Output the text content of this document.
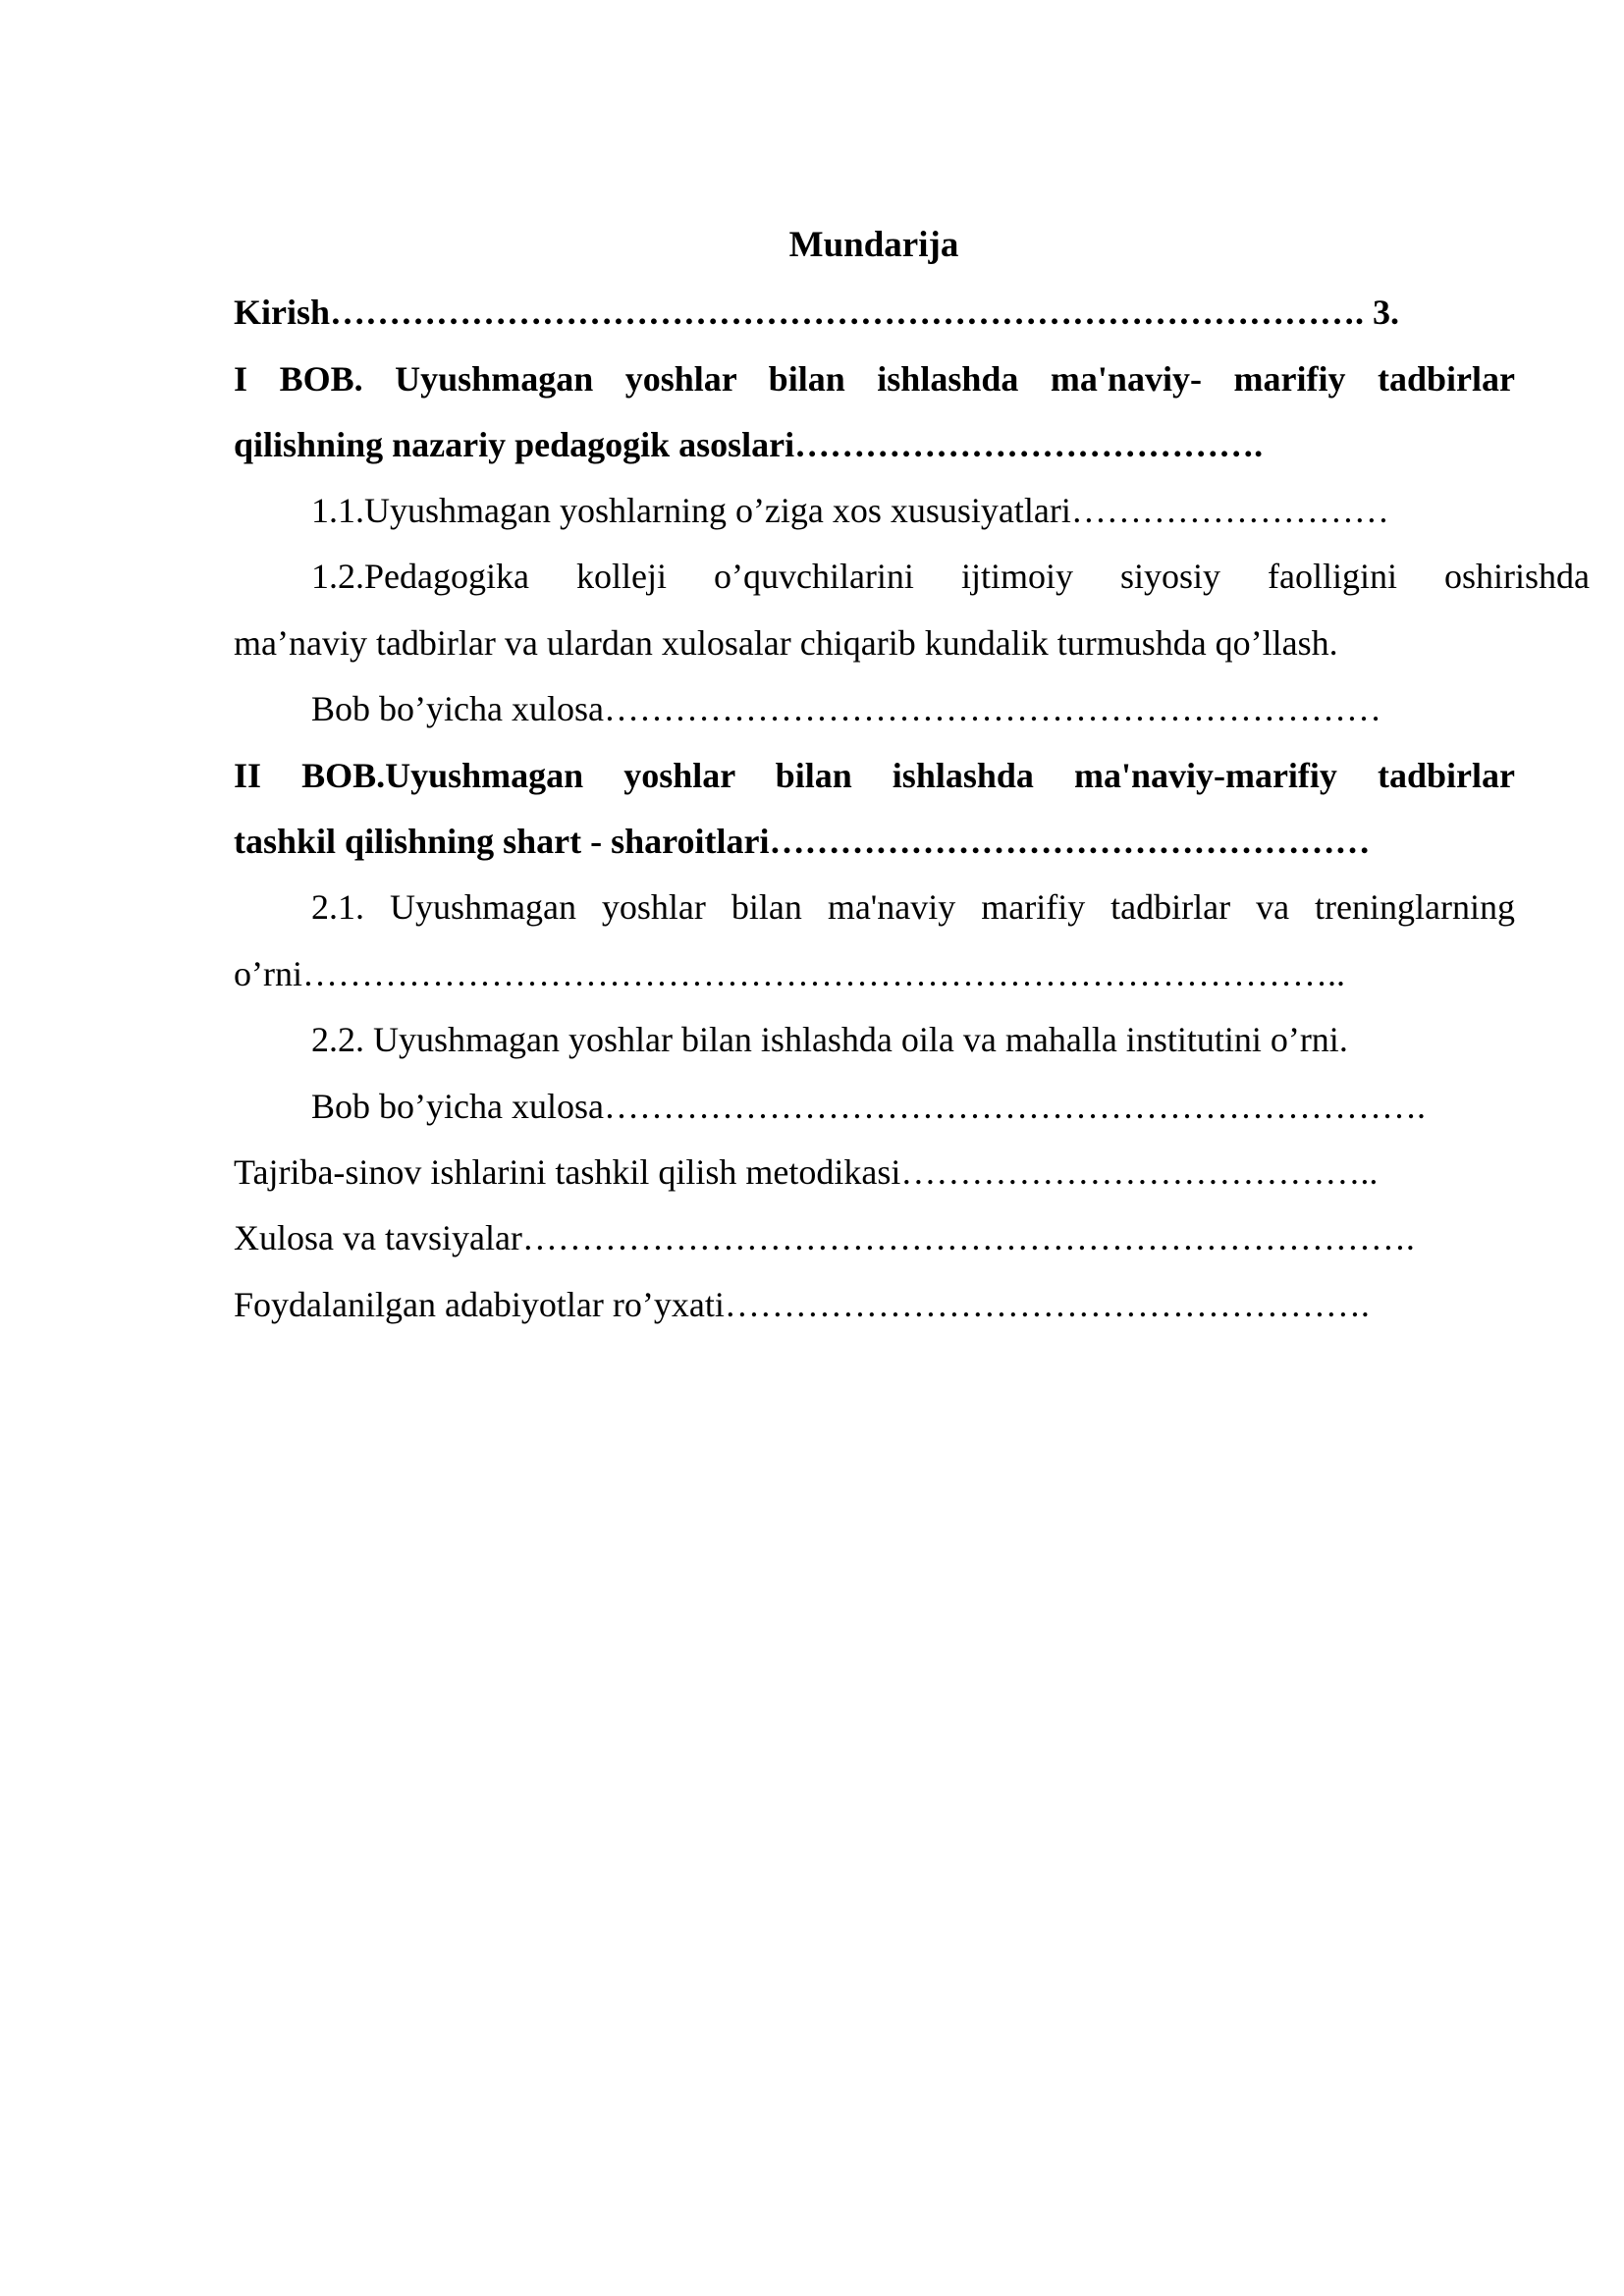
Mundarija
Kirish……………………………………………………………………………. 3.
I BOB. Uyushmagan yoshlar bilan ishlashda ma'naviy- marifiy tadbirlar
qilishning nazariy pedagogik asoslari………………………………….
1.1.Uyushmagan yoshlarning o’ziga xos xususiyatlari………………………
1.2.Pedagogika kolleji o’quvchilarini ijtimoiy siyosiy faolligini oshirishda
ma’naviy tadbirlar va ulardan xulosalar chiqarib kundalik turmushda qo’llash.
Bob bo’yicha xulosa…………………………………………………………
II BOB.Uyushmagan yoshlar bilan ishlashda ma'naviy-marifiy tadbirlar
tashkil qilishning shart - sharoitlari……………………………………………
2.1. Uyushmagan yoshlar bilan ma'naviy marifiy tadbirlar va treninglarning
o’rni……………………………………………………………………………..
2.2. Uyushmagan yoshlar bilan ishlashda oila va mahalla institutini o’rni.
Bob bo’yicha xulosa…………………………………………………………….
Tajriba-sinov ishlarini tashkil qilish metodikasi…………………………………..
Xulosa va tavsiyalar………………………………………………………………….
Foydalanilgan adabiyotlar ro’yxati……………………………………………….
